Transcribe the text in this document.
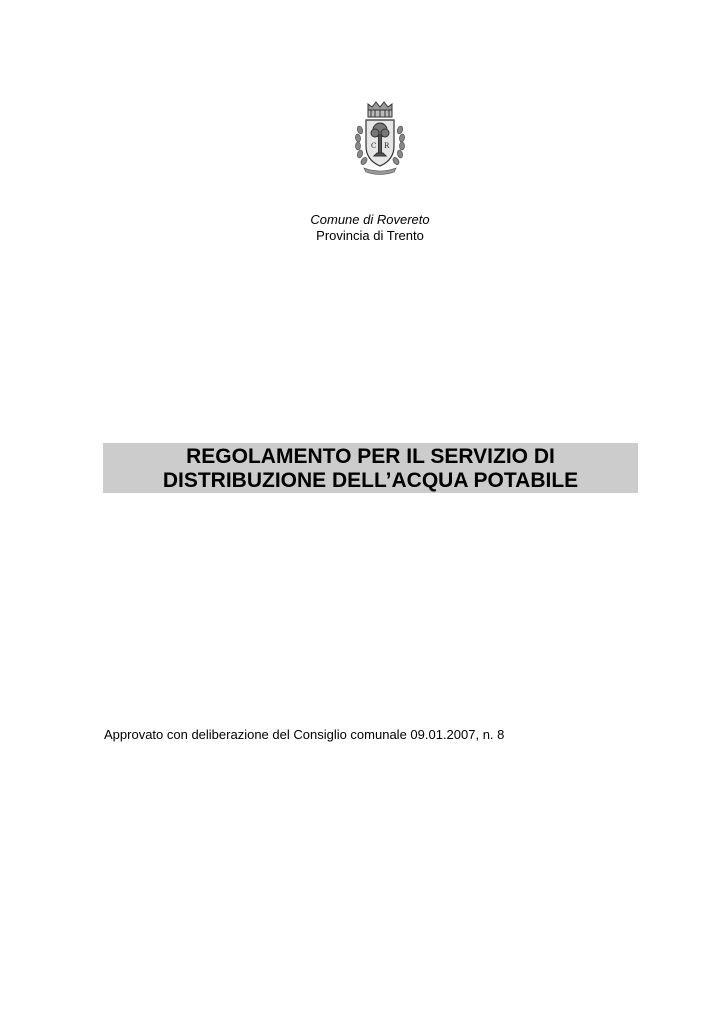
C R
Comune di Rovereto
Provincia di Trento
REGOLAMENTO PER IL SERVIZIO DI
DISTRIBUZIONE DELL’ACQUA POTABILE
Approvato con deliberazione del Consiglio comunale 09.01.2007, n. 8
